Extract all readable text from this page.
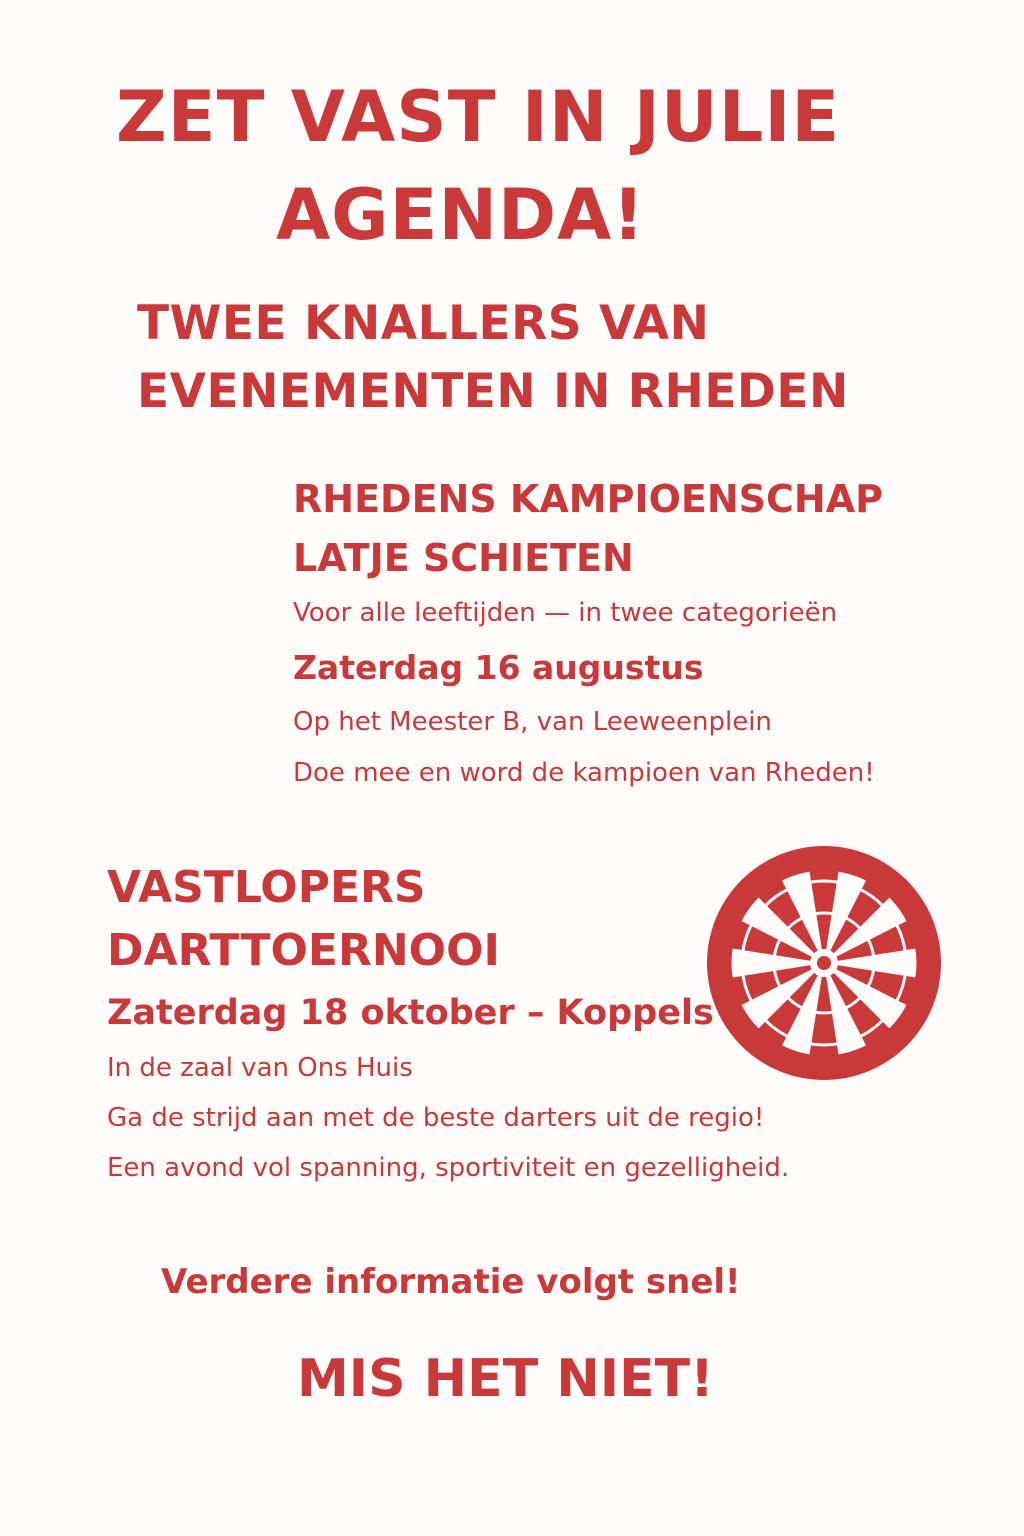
ZET VAST IN JULIE
AGENDA!
TWEE KNALLERS VAN
EVENEMENTEN IN RHEDEN
RHEDENS KAMPIOENSCHAP
LATJE SCHIETEN
Voor alle leeftijden — in twee categorieën
Zaterdag 16 augustus
Op het Meester B, van Leeweenplein
Doe mee en word de kampioen van Rheden!
VASTLOPERS
DARTTOERNOOI
Zaterdag 18 oktober – Koppels
In de zaal van Ons Huis
Ga de strijd aan met de beste darters uit de regio!
Een avond vol spanning, sportiviteit en gezelligheid.
Verdere informatie volgt snel!
MIS HET NIET!
